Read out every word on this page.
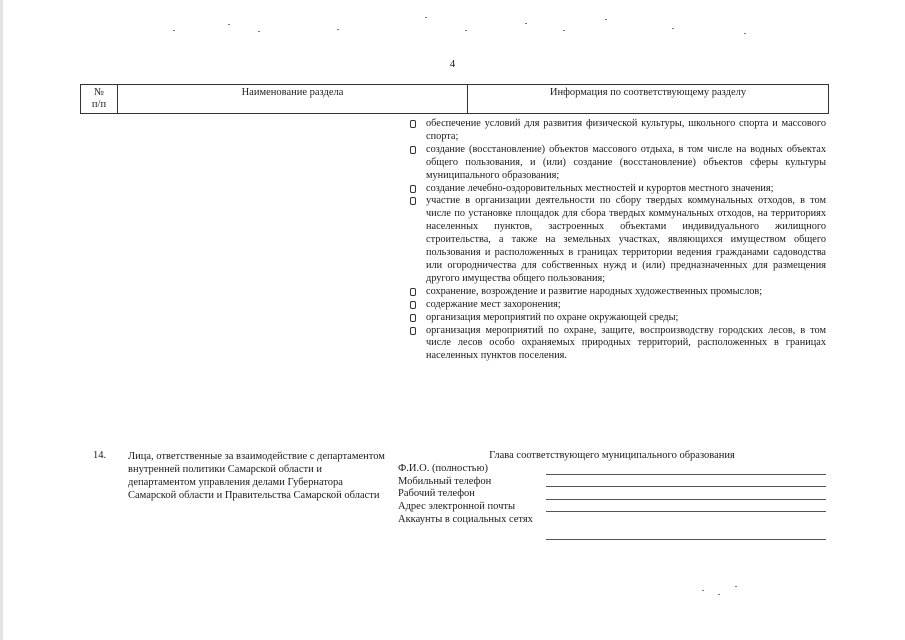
4
№
п/п
Наименование раздела	Информация по соответствующему разделу
обеспечение условий для развития физической культуры, школьного спорта и массового спорта;
создание (восстановление) объектов массового отдыха, в том числе на водных объектах общего пользования, и (или) создание (восстановление) объектов сферы культуры муниципального образования;
создание лечебно-оздоровительных местностей и курортов местного значения;
участие в организации деятельности по сбору твердых коммунальных отходов, в том числе по установке площадок для сбора твердых коммунальных отходов, на территориях населенных пунктов, застроенных объектами индивидуального жилищного строительства, а также на земельных участках, являющихся имуществом общего пользования и расположенных в границах территории ведения гражданами садоводства или огородничества для собственных нужд и (или) предназначенных для размещения другого имущества общего пользования;
сохранение, возрождение и развитие народных художественных промыслов;
содержание мест захоронения;
организация мероприятий по охране окружающей среды;
организация мероприятий по охране, защите, воспроизводству городских лесов, в том числе лесов особо охраняемых природных территорий, расположенных в границах населенных пунктов поселения.
14. Лица, ответственные за взаимодействие с департаментом внутренней политики Самарской области и департаментом управления делами Губернатора Самарской области и Правительства Самарской области
Глава соответствующего муниципального образования
Ф.И.О. (полностью)
Мобильный телефон
Рабочий телефон
Адрес электронной почты
Аккаунты в социальных сетях
